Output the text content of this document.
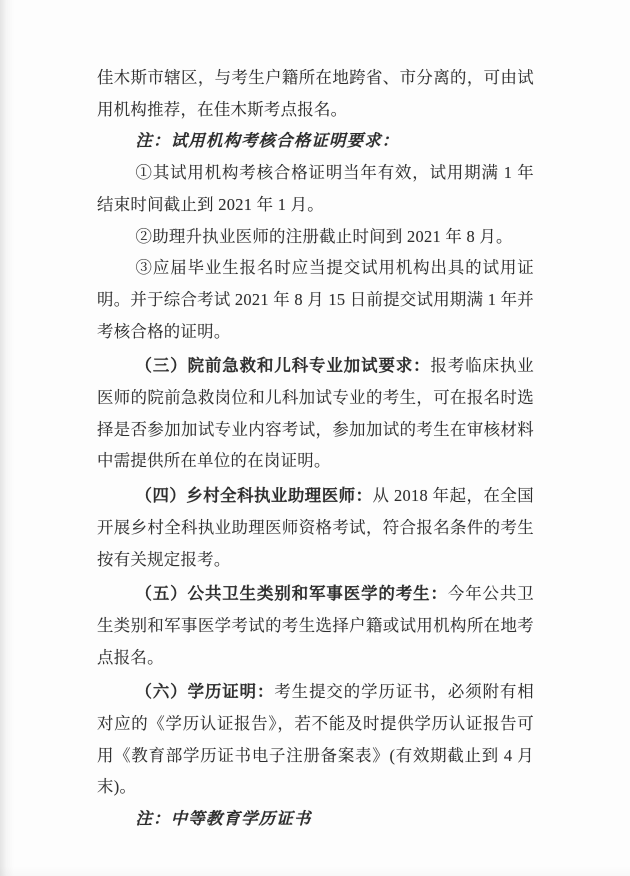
佳木斯市辖区，与考生户籍所在地跨省、市分离的，可由试用机构推荐，在佳木斯考点报名。

注：试用机构考核合格证明要求：

①其试用机构考核合格证明当年有效，试用期满 1 年结束时间截止到 2021 年 1 月。

②助理升执业医师的注册截止时间到 2021 年 8 月。

③应届毕业生报名时应当提交试用机构出具的试用证明。并于综合考试 2021 年 8 月 15 日前提交试用期满 1 年并考核合格的证明。

（三）院前急救和儿科专业加试要求：报考临床执业医师的院前急救岗位和儿科加试专业的考生，可在报名时选择是否参加加试专业内容考试，参加加试的考生在审核材料中需提供所在单位的在岗证明。

（四）乡村全科执业助理医师：从 2018 年起，在全国开展乡村全科执业助理医师资格考试，符合报名条件的考生按有关规定报考。

（五）公共卫生类别和军事医学的考生：今年公共卫生类别和军事医学考试的考生选择户籍或试用机构所在地考点报名。

（六）学历证明：考生提交的学历证书，必须附有相对应的《学历认证报告》，若不能及时提供学历认证报告可用《教育部学历证书电子注册备案表》(有效期截止到 4 月末)。

注：中等教育学历证书
